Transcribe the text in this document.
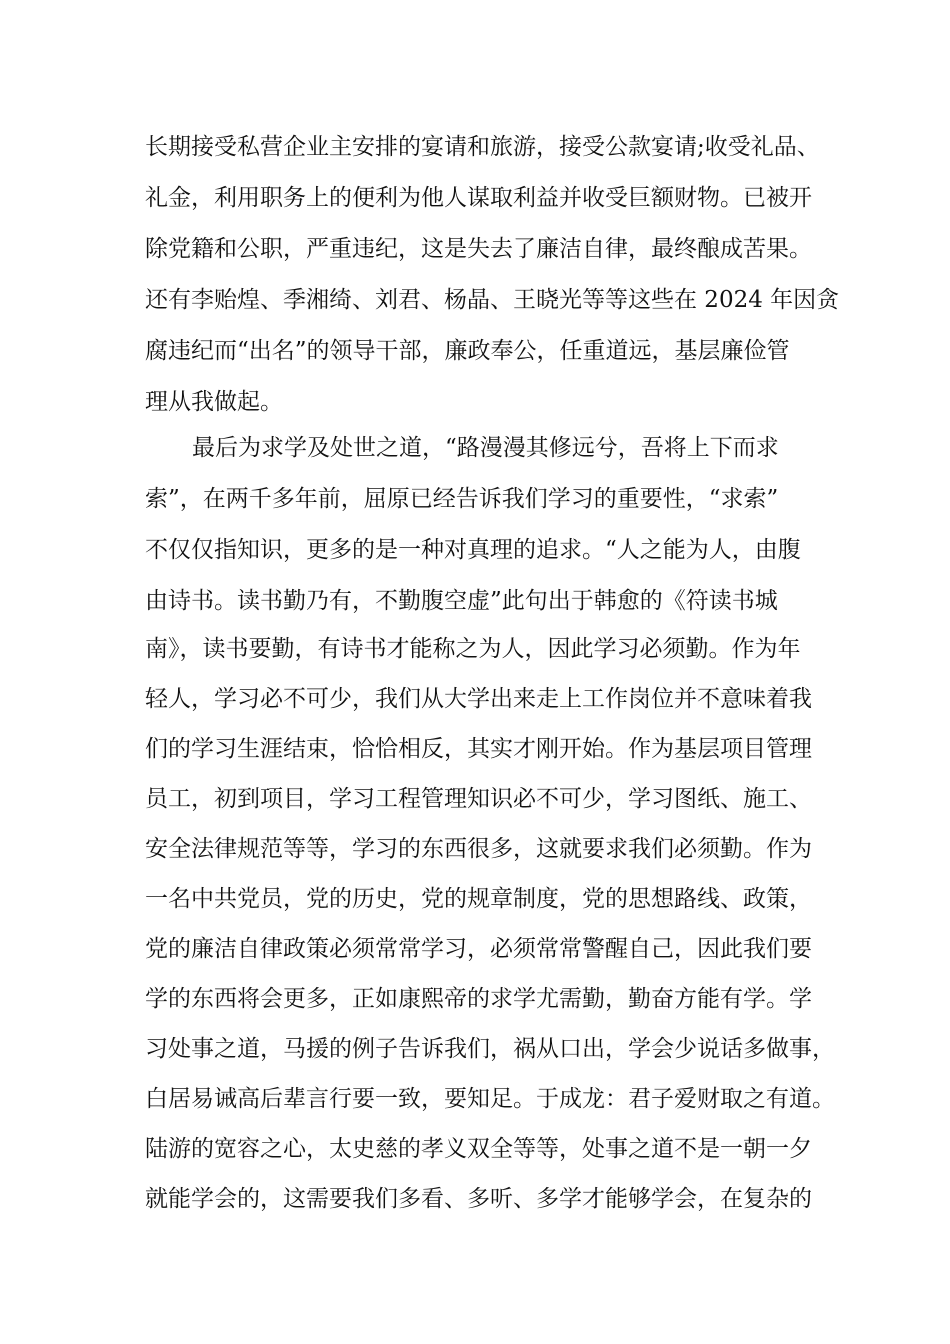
长期接受私营企业主安排的宴请和旅游，接受公款宴请;收受礼品、
礼金，利用职务上的便利为他人谋取利益并收受巨额财物。已被开
除党籍和公职，严重违纪，这是失去了廉洁自律，最终酿成苦果。
还有李贻煌、季湘绮、刘君、杨晶、王晓光等等这些在 2024 年因贪
腐违纪而“出名”的领导干部，廉政奉公，任重道远，基层廉俭管
理从我做起。
最后为求学及处世之道，“路漫漫其修远兮，吾将上下而求
索”，在两千多年前，屈原已经告诉我们学习的重要性，“求索”
不仅仅指知识，更多的是一种对真理的追求。“人之能为人，由腹
由诗书。读书勤乃有，不勤腹空虚”此句出于韩愈的《符读书城
南》，读书要勤，有诗书才能称之为人，因此学习必须勤。作为年
轻人，学习必不可少，我们从大学出来走上工作岗位并不意味着我
们的学习生涯结束，恰恰相反，其实才刚开始。作为基层项目管理
员工，初到项目，学习工程管理知识必不可少，学习图纸、施工、
安全法律规范等等，学习的东西很多，这就要求我们必须勤。作为
一名中共党员，党的历史，党的规章制度，党的思想路线、政策，
党的廉洁自律政策必须常常学习，必须常常警醒自己，因此我们要
学的东西将会更多，正如康熙帝的求学尤需勤，勤奋方能有学。学
习处事之道，马援的例子告诉我们，祸从口出，学会少说话多做事，
白居易诫高后辈言行要一致，要知足。于成龙：君子爱财取之有道。
陆游的宽容之心，太史慈的孝义双全等等，处事之道不是一朝一夕
就能学会的，这需要我们多看、多听、多学才能够学会，在复杂的
